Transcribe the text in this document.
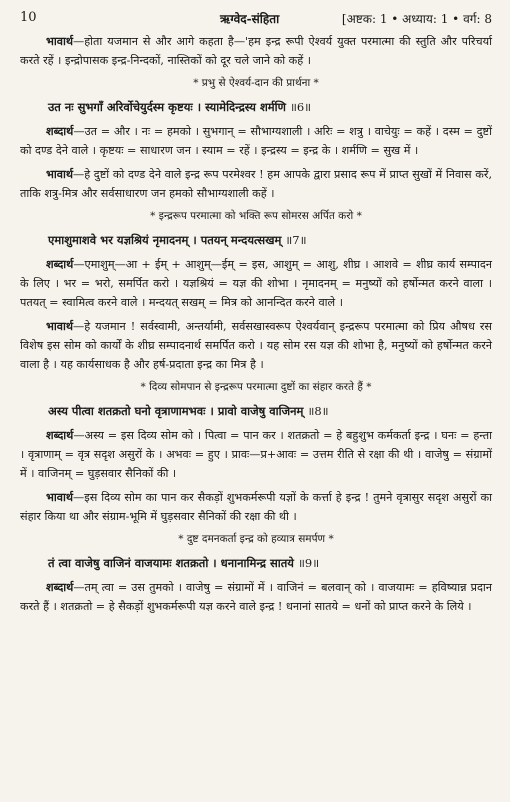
10	ऋग्वेद-संहिता	[अष्टक: 1 • अध्याय: 1 • वर्ग: 8

भावार्थ—होता यजमान से और आगे कहता है—'हम इन्द्र रूपी ऐश्वर्य युक्त परमात्मा की स्तुति और परिचर्या करते रहें । इन्द्रोपासक इन्द्र-निन्दकों, नास्तिकों को दूर चले जाने को कहें ।

* प्रभु से ऐश्वर्य-दान की प्रार्थना *

उत नः सुभगाँ अरिर्वोचेयुर्दस्म कृष्टयः । स्यामेदिन्द्रस्य शर्मणि ॥6॥

शब्दार्थ—उत = और । नः = हमको । सुभगान् = सौभाग्यशाली । अरिः = शत्रु । वाचेयुः = कहें । दस्म = दुष्टों को दण्ड देने वाले । कृष्टयः = साधारण जन । स्याम = रहें । इन्द्रस्य = इन्द्र के । शर्मणि = सुख में ।

भावार्थ—हे दुष्टों को दण्ड देने वाले इन्द्र रूप परमेश्वर ! हम आपके द्वारा प्रसाद रूप में प्राप्त सुखों में निवास करें, ताकि शत्रु-मित्र और सर्वसाधारण जन हमको सौभाग्यशाली कहें ।

* इन्द्ररूप परमात्मा को भक्ति रूप सोमरस अर्पित करो *

एमाशुमाशवे भर यज्ञश्रियं नृमादनम् । पतयन् मन्दयत्सखम् ॥7॥

शब्दार्थ—एमाशुम्—आ + ईम् + आशुम्—ईम् = इस, आशुम् = आशु, शीघ्र । आशवे = शीघ्र कार्य सम्पादन के लिए । भर = भरो, समर्पित करो । यज्ञश्रियं = यज्ञ की शोभा । नृमादनम् = मनुष्यों को हर्षोन्मत करने वाला । पतयत् = स्वामित्व करने वाले । मन्दयत् सखम् = मित्र को आनन्दित करने वाले ।

भावार्थ—हे यजमान ! सर्वस्वामी, अन्तर्यामी, सर्वसखास्वरूप ऐश्वर्यवान् इन्द्ररूप परमात्मा को प्रिय औषध रस विशेष इस सोम को कार्यों के शीघ्र सम्पादनार्थ समर्पित करो । यह सोम रस यज्ञ की शोभा है, मनुष्यों को हर्षोन्मत करने वाला है । यह कार्यसाधक है और हर्ष-प्रदाता इन्द्र का मित्र है ।

* दिव्य सोमपान से इन्द्ररूप परमात्मा दुष्टों का संहार करते हैं *

अस्य पीत्वा शतक्रतो घनो वृत्राणामभवः । प्रावो वाजेषु वाजिनम् ॥8॥

शब्दार्थ—अस्य = इस दिव्य सोम को । पित्वा = पान कर । शतक्रतो = हे बहुशुभ कर्मकर्ता इन्द्र । घनः = हन्ता । वृत्राणाम् = वृत्र सदृश असुरों के । अभवः = हुए । प्रावः—प्र+आवः = उत्तम रीति से रक्षा की थी । वाजेषु = संग्रामों में । वाजिनम् = घुड़सवार सैनिकों की ।

भावार्थ—इस दिव्य सोम का पान कर सैकड़ों शुभकर्मरूपी यज्ञों के कर्त्ता हे इन्द्र ! तुमने वृत्रासुर सदृश असुरों का संहार किया था और संग्राम-भूमि में घुड़सवार सैनिकों की रक्षा की थी ।

* दुष्ट दमनकर्ता इन्द्र को हव्यात्र समर्पण *

तं त्वा वाजेषु वाजिनं वाजयामः शतक्रतो । धनानामिन्द्र सातये ॥9॥

शब्दार्थ—तम् त्वा = उस तुमको । वाजेषु = संग्रामों में । वाजिनं = बलवान् को । वाजयामः = हविष्यान्न प्रदान करते हैं । शतक्रतो = हे सैकड़ों शुभकर्मरूपी यज्ञ करने वाले इन्द्र ! धनानां सातये = धनों को प्राप्त करने के लिये ।
